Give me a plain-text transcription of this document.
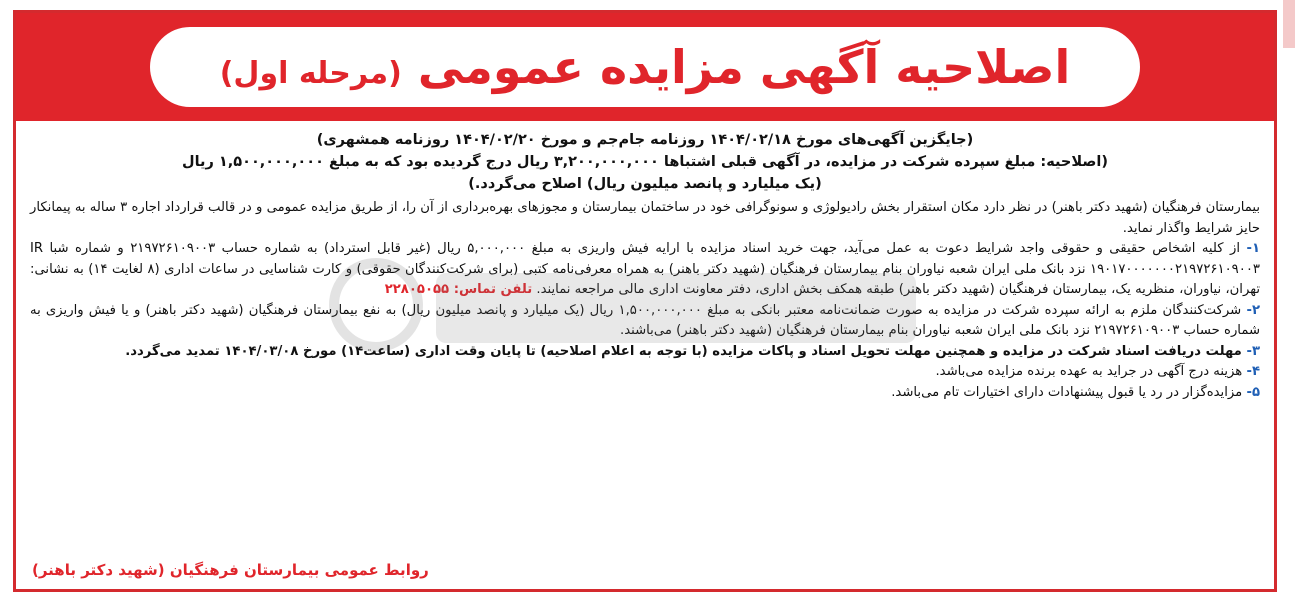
اصلاحیه آگهی مزایده عمومی (مرحله اول)
(جایگزین آگهی‌های مورخ ۱۴۰۴/۰۲/۱۸ روزنامه جام‌جم و مورخ ۱۴۰۴/۰۲/۲۰ روزنامه همشهری)
(اصلاحیه: مبلغ سپرده شرکت در مزایده، در آگهی قبلی اشتباها ۳,۲۰۰,۰۰۰,۰۰۰ ریال درج گردیده بود که به مبلغ ۱,۵۰۰,۰۰۰,۰۰۰ ریال
(یک میلیارد و پانصد میلیون ریال) اصلاح می‌گردد.)

بیمارستان فرهنگیان (شهید دکتر باهنر) در نظر دارد مکان استقرار بخش رادیولوژی و سونوگرافی خود در ساختمان بیمارستان و مجوزهای بهره‌برداری از آن را، از طریق مزایده عمومی و در قالب قرارداد اجاره ۳ ساله به پیمانکار حایز شرایط واگذار نماید.

۱- از کلیه اشخاص حقیقی و حقوقی واجد شرایط دعوت به عمل می‌آید، جهت خرید اسناد مزایده با ارایه فیش واریزی به مبلغ ۵,۰۰۰,۰۰۰ ریال (غیر قابل استرداد) به شماره حساب ۲۱۹۷۲۶۱۰۹۰۰۳ و شماره شبا IR ۱۹۰۱۷۰۰۰۰۰۰۰۲۱۹۷۲۶۱۰۹۰۰۳ نزد بانک ملی ایران شعبه نیاوران بنام بیمارستان فرهنگیان (شهید دکتر باهنر) به همراه معرفی‌نامه کتبی (برای شرکت‌کنندگان حقوقی) و کارت شناسایی در ساعات اداری (۸ لغایت ۱۴) به نشانی: تهران، نیاوران، منظریه یک، بیمارستان فرهنگیان (شهید دکتر باهنر) طبقه همکف بخش اداری، دفتر معاونت اداری مالی مراجعه نمایند. تلفن تماس: ۲۲۸۰۵۰۵۵

۲- شرکت‌کنندگان ملزم به ارائه سپرده شرکت در مزایده به صورت ضمانت‌نامه معتبر بانکی به مبلغ ۱,۵۰۰,۰۰۰,۰۰۰ ریال (یک میلیارد و پانصد میلیون ریال) به نفع بیمارستان فرهنگیان (شهید دکتر باهنر) و یا فیش واریزی به شماره حساب ۲۱۹۷۲۶۱۰۹۰۰۳ نزد بانک ملی ایران شعبه نیاوران بنام بیمارستان فرهنگیان (شهید دکتر باهنر) می‌باشند.

۳- مهلت دریافت اسناد شرکت در مزایده و همچنین مهلت تحویل اسناد و پاکات مزایده (با توجه به اعلام اصلاحیه) تا پایان وقت اداری (ساعت۱۴) مورخ ۱۴۰۴/۰۳/۰۸ تمدید می‌گردد.

۴- هزینه درج آگهی در جراید به عهده برنده مزایده می‌باشد.

۵- مزایده‌گزار در رد یا قبول پیشنهادات دارای اختیارات تام می‌باشد.

روابط عمومی بیمارستان فرهنگیان (شهید دکتر باهنر)
